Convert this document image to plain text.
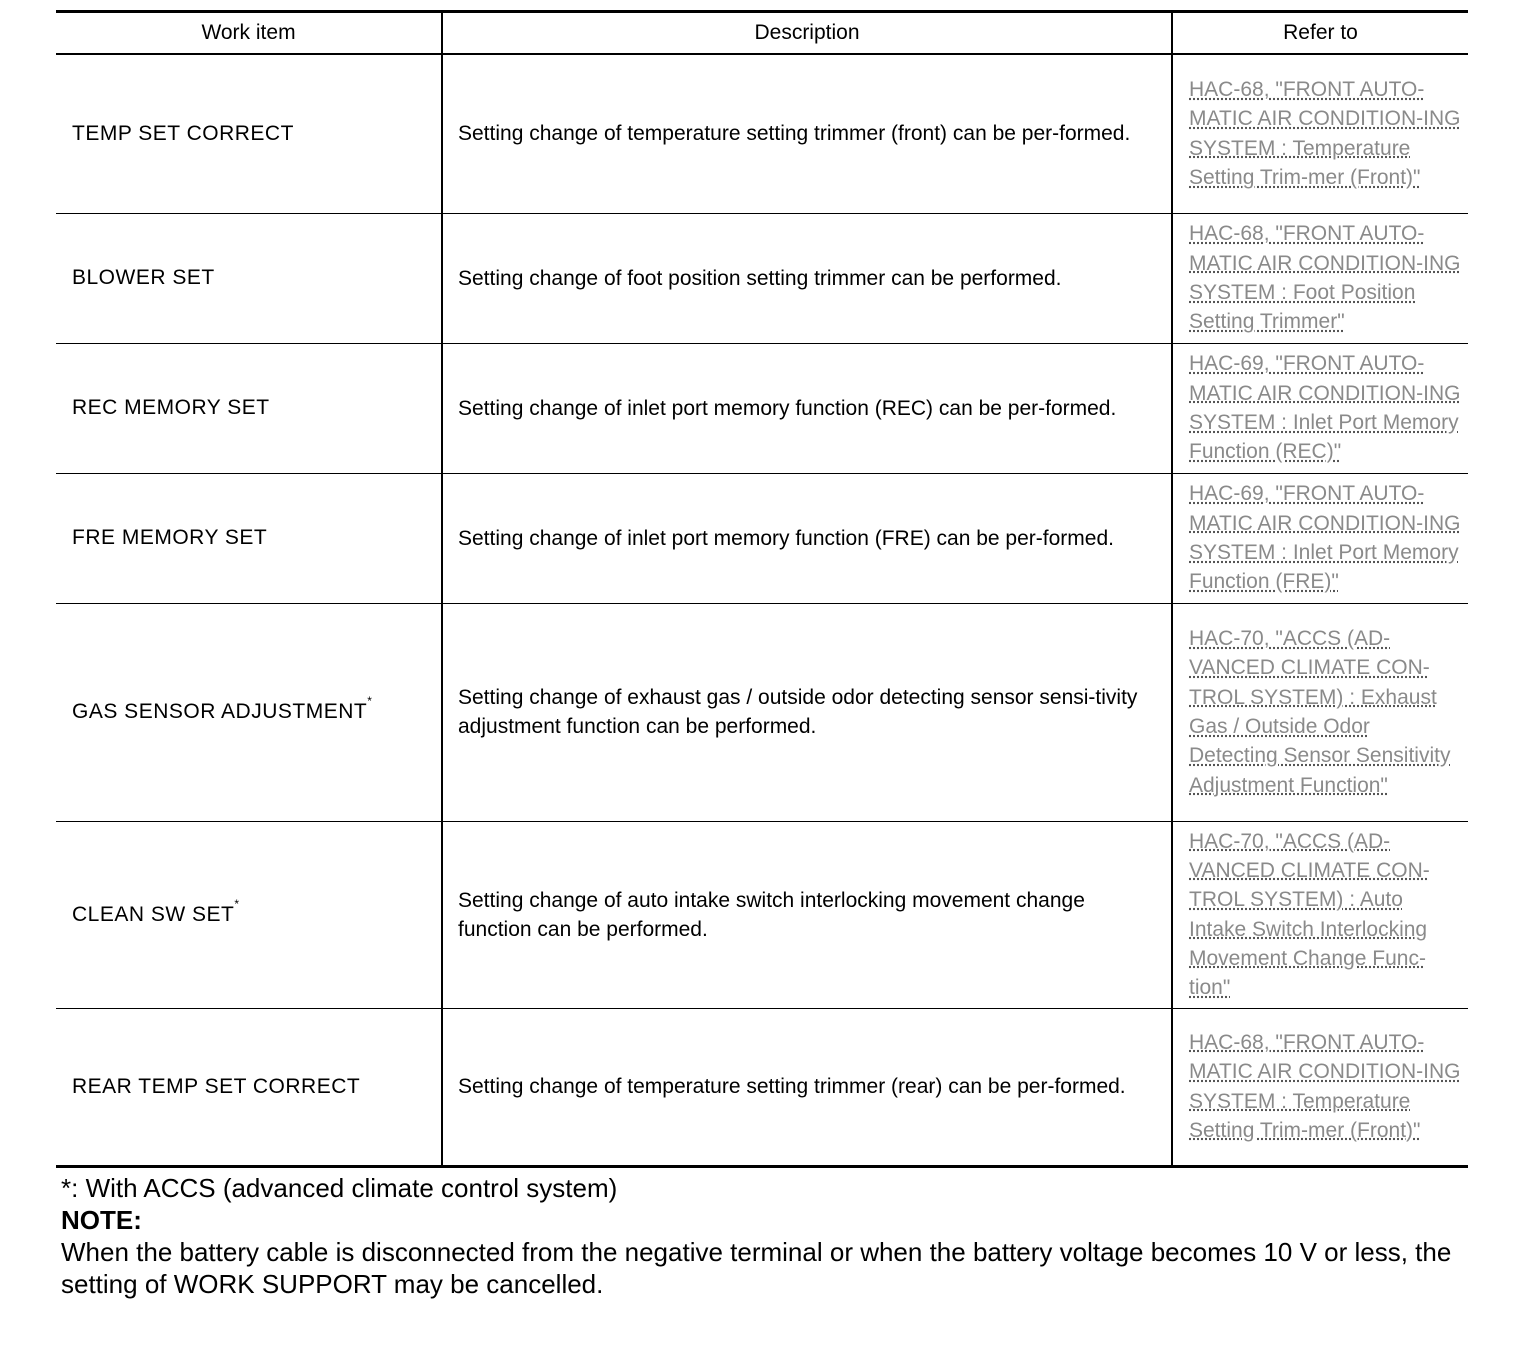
Work item	Description	Refer to
TEMP SET CORRECT	Setting change of temperature setting trimmer (front) can be per-formed.	HAC-68, "FRONT AUTO-MATIC AIR CONDITION-ING SYSTEM : Temperature Setting Trim-mer (Front)"
BLOWER SET	Setting change of foot position setting trimmer can be performed.	HAC-68, "FRONT AUTO-MATIC AIR CONDITION-ING SYSTEM : Foot Position Setting Trimmer"
REC MEMORY SET	Setting change of inlet port memory function (REC) can be per-formed.	HAC-69, "FRONT AUTO-MATIC AIR CONDITION-ING SYSTEM : Inlet Port Memory Function (REC)"
FRE MEMORY SET	Setting change of inlet port memory function (FRE) can be per-formed.	HAC-69, "FRONT AUTO-MATIC AIR CONDITION-ING SYSTEM : Inlet Port Memory Function (FRE)"
GAS SENSOR ADJUSTMENT*	Setting change of exhaust gas / outside odor detecting sensor sensi-tivity adjustment function can be performed.	HAC-70, "ACCS (AD-VANCED CLIMATE CON-TROL SYSTEM) : Exhaust Gas / Outside Odor Detecting Sensor Sensitivity Adjustment Function"
CLEAN SW SET*	Setting change of auto intake switch interlocking movement change function can be performed.	HAC-70, "ACCS (AD-VANCED CLIMATE CON-TROL SYSTEM) : Auto Intake Switch Interlocking Movement Change Func-tion"
REAR TEMP SET CORRECT	Setting change of temperature setting trimmer (rear) can be per-formed.	HAC-68, "FRONT AUTO-MATIC AIR CONDITION-ING SYSTEM : Temperature Setting Trim-mer (Front)"
*: With ACCS (advanced climate control system)
NOTE:
When the battery cable is disconnected from the negative terminal or when the battery voltage becomes 10 V or less, the setting of WORK SUPPORT may be cancelled.
